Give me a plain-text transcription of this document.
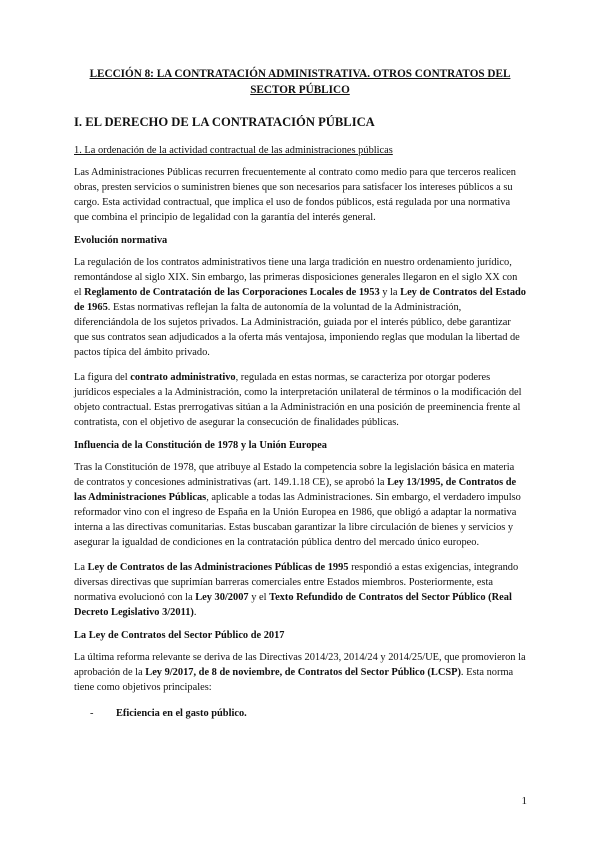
LECCIÓN 8: LA CONTRATACIÓN ADMINISTRATIVA. OTROS CONTRATOS DEL SECTOR PÚBLICO
I. EL DERECHO DE LA CONTRATACIÓN PÚBLICA
1. La ordenación de la actividad contractual de las administraciones públicas

Las Administraciones Públicas recurren frecuentemente al contrato como medio para que terceros realicen obras, presten servicios o suministren bienes que son necesarios para satisfacer los intereses públicos a su cargo. Esta actividad contractual, que implica el uso de fondos públicos, está regulada por una normativa que combina el principio de legalidad con la garantía del interés general.

Evolución normativa

La regulación de los contratos administrativos tiene una larga tradición en nuestro ordenamiento jurídico, remontándose al siglo XIX. Sin embargo, las primeras disposiciones generales llegaron en el siglo XX con el Reglamento de Contratación de las Corporaciones Locales de 1953 y la Ley de Contratos del Estado de 1965. Estas normativas reflejan la falta de autonomía de la voluntad de la Administración, diferenciándola de los sujetos privados. La Administración, guiada por el interés público, debe garantizar que sus contratos sean adjudicados a la oferta más ventajosa, imponiendo reglas que modulan la libertad de pactos típica del ámbito privado.

La figura del contrato administrativo, regulada en estas normas, se caracteriza por otorgar poderes jurídicos especiales a la Administración, como la interpretación unilateral de términos o la modificación del objeto contractual. Estas prerrogativas sitúan a la Administración en una posición de preeminencia frente al contratista, con el objetivo de asegurar la consecución de finalidades públicas.

Influencia de la Constitución de 1978 y la Unión Europea

Tras la Constitución de 1978, que atribuye al Estado la competencia sobre la legislación básica en materia de contratos y concesiones administrativas (art. 149.1.18 CE), se aprobó la Ley 13/1995, de Contratos de las Administraciones Públicas, aplicable a todas las Administraciones. Sin embargo, el verdadero impulso reformador vino con el ingreso de España en la Unión Europea en 1986, que obligó a adaptar la normativa interna a las directivas comunitarias. Estas buscaban garantizar la libre circulación de bienes y servicios y asegurar la igualdad de condiciones en la contratación pública dentro del mercado único europeo.

La Ley de Contratos de las Administraciones Públicas de 1995 respondió a estas exigencias, integrando diversas directivas que suprimían barreras comerciales entre Estados miembros. Posteriormente, esta normativa evolucionó con la Ley 30/2007 y el Texto Refundido de Contratos del Sector Público (Real Decreto Legislativo 3/2011).

La Ley de Contratos del Sector Público de 2017

La última reforma relevante se deriva de las Directivas 2014/23, 2014/24 y 2014/25/UE, que promovieron la aprobación de la Ley 9/2017, de 8 de noviembre, de Contratos del Sector Público (LCSP). Esta norma tiene como objetivos principales:

-	Eficiencia en el gasto público.
1
